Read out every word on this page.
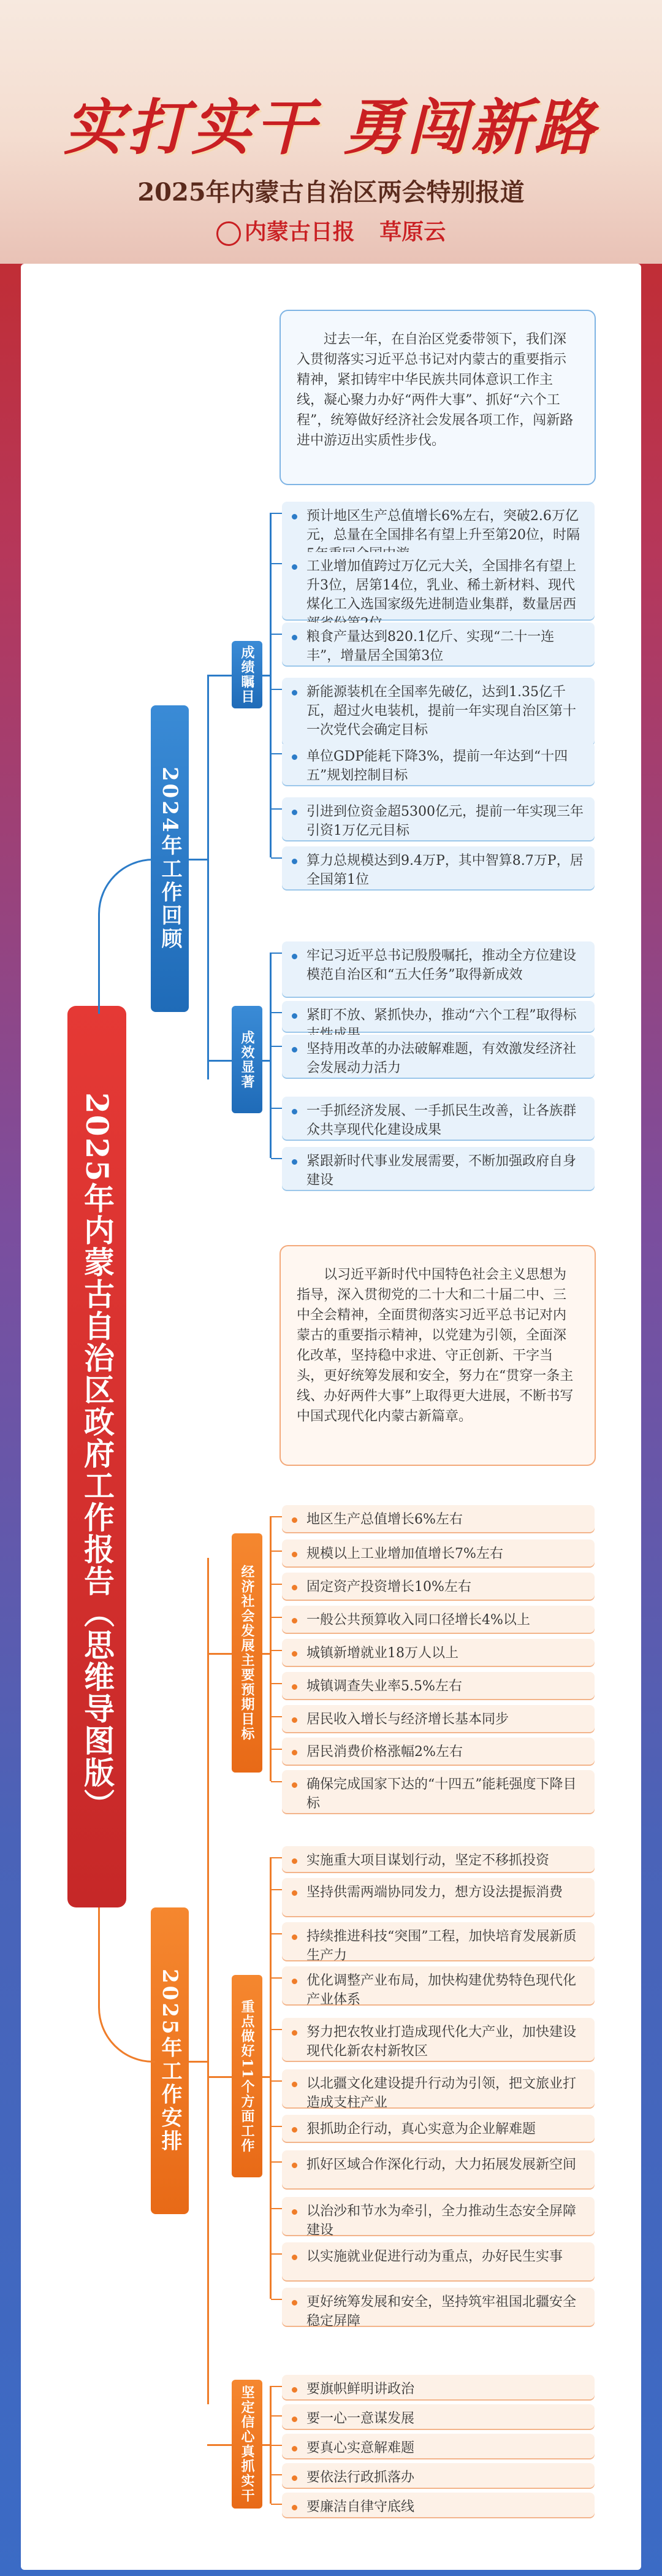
实打实干 勇闯新路
2025年内蒙古自治区两会特别报道
内蒙古日报 草原云
2025年内蒙古自治区政府工作报告（思维导图版）
过去一年，在自治区党委带领下，我们深入贯彻落实习近平总书记对内蒙古的重要指示精神，紧扣铸牢中华民族共同体意识工作主线，凝心聚力办好“两件大事”、抓好“六个工程”，统筹做好经济社会发展各项工作，闯新路进中游迈出实质性步伐。
2024年工作回顾
成绩瞩目
预计地区生产总值增长6%左右，突破2.6万亿元，总量在全国排名有望上升至第20位，时隔
工业增加值跨过万亿元大关，全国排名有望上升3位，居第14位，乳业、稀土新材料、现代煤化工入选国家级先进制造业集群，数量居西
粮食产量达到820.1亿斤、实现“二十一连丰”，增量居全国第3位
新能源装机在全国率先破亿，达到1.35亿千瓦，超过火电装机，提前一年实现自治区第十一次党代会确定目标
单位GDP能耗下降3%，提前一年达到“十四五”规划控制目标
引进到位资金超5300亿元，提前一年实现三年引资1万亿元目标
算力总规模达到9.4万P，其中智算8.7万P，居全国第1位
成效显著
牢记习近平总书记殷殷嘱托，推动全方位建设模范自治区和“五大任务”取得新成效
紧盯不放、紧抓快办，推动“六个工程”取得标
坚持用改革的办法破解难题，有效激发经济社会发展动力活力
一手抓经济发展、一手抓民生改善，让各族群众共享现代化建设成果
紧跟新时代事业发展需要，不断加强政府自身建设
以习近平新时代中国特色社会主义思想为指导，深入贯彻党的二十大和二十届二中、三中全会精神，全面贯彻落实习近平总书记对内蒙古的重要指示精神，以党建为引领，全面深化改革，坚持稳中求进、守正创新、干字当头，更好统筹发展和安全，努力在“贯穿一条主线、办好两件大事”上取得更大进展，不断书写中国式现代化内蒙古新篇章。
2025年工作安排
经济社会发展主要预期目标
地区生产总值增长6%左右
规模以上工业增加值增长7%左右
固定资产投资增长10%左右
一般公共预算收入同口径增长4%以上
城镇新增就业18万人以上
城镇调查失业率5.5%左右
居民收入增长与经济增长基本同步
居民消费价格涨幅2%左右
确保完成国家下达的“十四五”能耗强度下降目标
重点做好11个方面工作
实施重大项目谋划行动，坚定不移抓投资
坚持供需两端协同发力，想方设法提振消费
持续推进科技“突围”工程，加快培育发展新质生产力
优化调整产业布局，加快构建优势特色现代化产业体系
努力把农牧业打造成现代化大产业，加快建设现代化新农村新牧区
以北疆文化建设提升行动为引领，把文旅业打造成支柱产业
狠抓助企行动，真心实意为企业解难题
抓好区域合作深化行动，大力拓展发展新空间
以治沙和节水为牵引，全力推动生态安全屏障建设
以实施就业促进行动为重点，办好民生实事
更好统筹发展和安全，坚持筑牢祖国北疆安全稳定屏障
坚定信心真抓实干	要旗帜鲜明讲政治
要一心一意谋发展
要真心实意解难题
要依法行政抓落办
要廉洁自律守底线
